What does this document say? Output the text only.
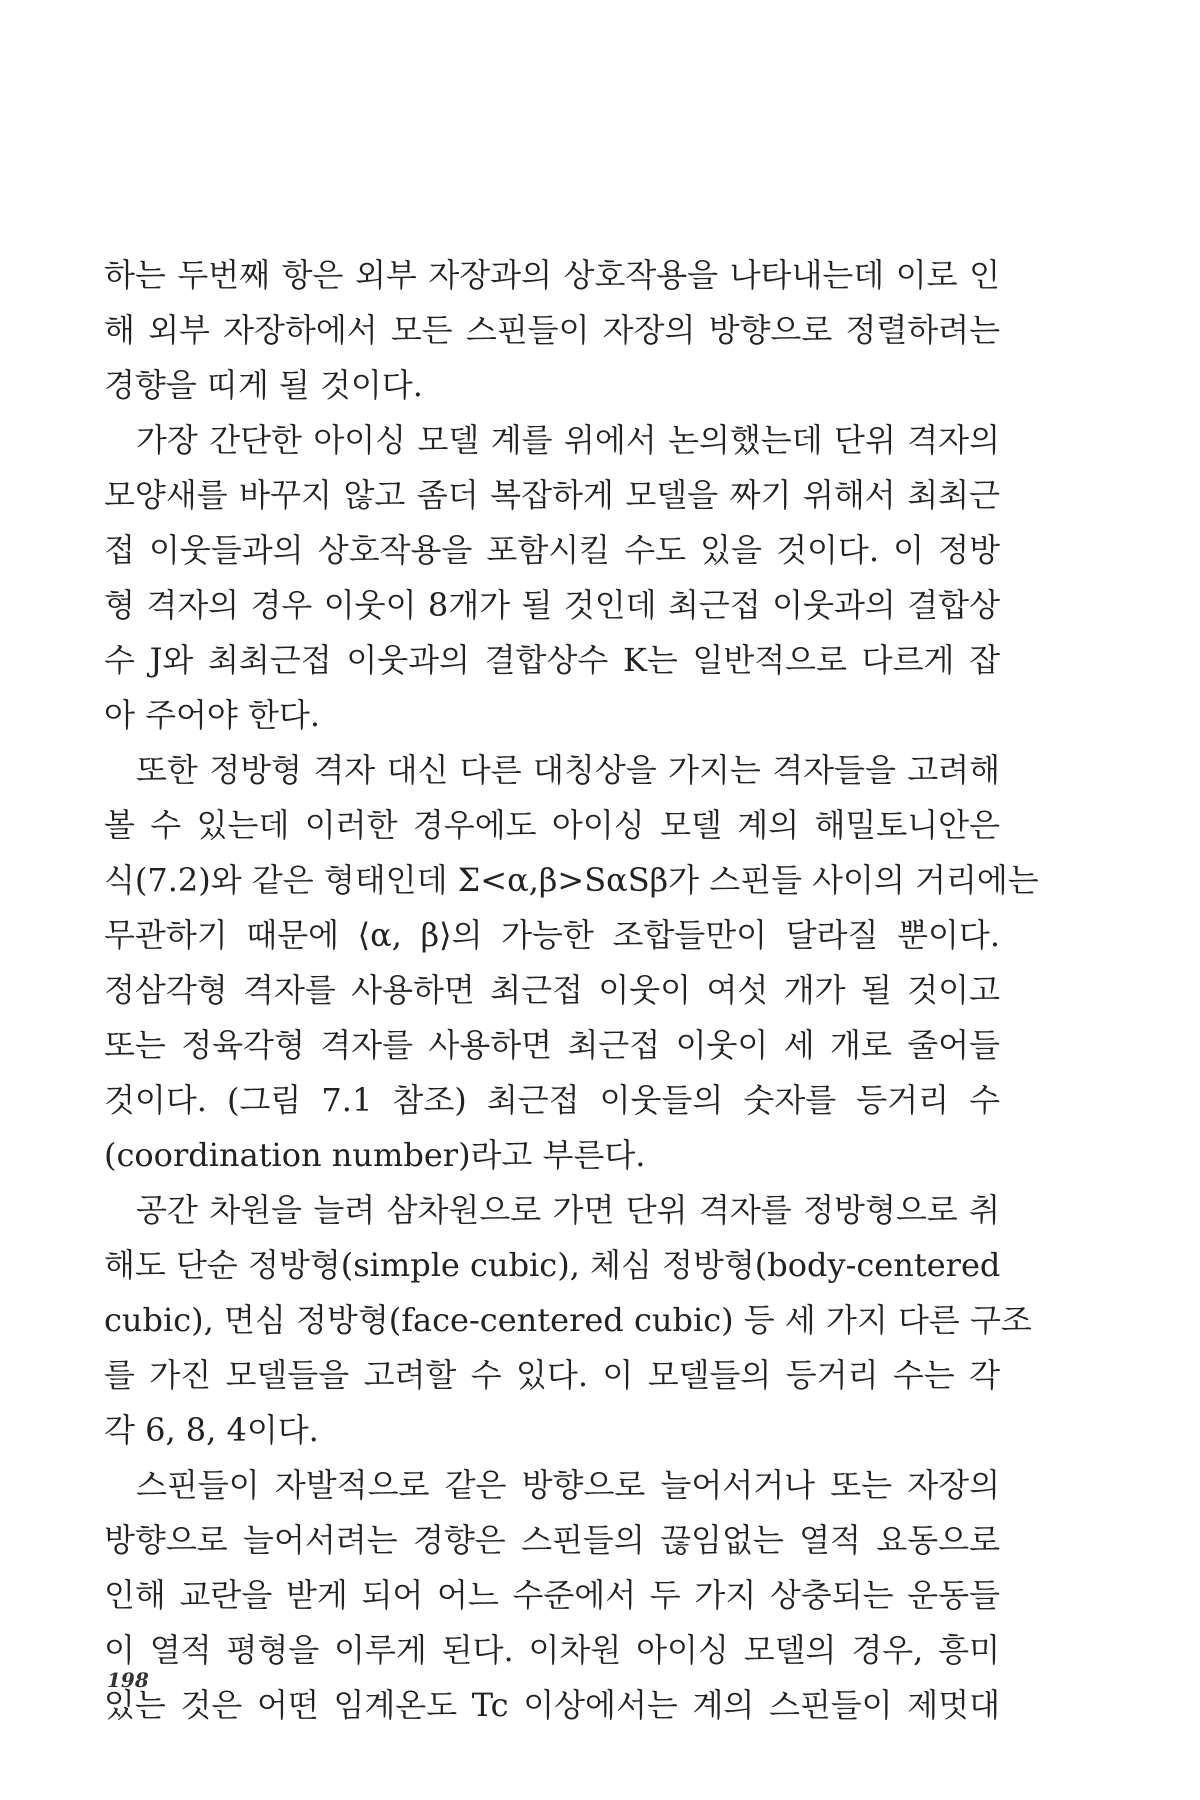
하는 두번째 항은 외부 자장과의 상호작용을 나타내는데 이로 인
해 외부 자장하에서 모든 스핀들이 자장의 방향으로 정렬하려는
경향을 띠게 될 것이다.
가장 간단한 아이싱 모델 계를 위에서 논의했는데 단위 격자의
모양새를 바꾸지 않고 좀더 복잡하게 모델을 짜기 위해서 최최근
접 이웃들과의 상호작용을 포함시킬 수도 있을 것이다. 이 정방
형 격자의 경우 이웃이 8개가 될 것인데 최근접 이웃과의 결합상
수 J와 최최근접 이웃과의 결합상수 K는 일반적으로 다르게 잡
아 주어야 한다.
또한 정방형 격자 대신 다른 대칭상을 가지는 격자들을 고려해
볼 수 있는데 이러한 경우에도 아이싱 모델 계의 해밀토니안은
식(7.2)와 같은 형태인데 Σ<α,β>SαSβ가 스핀들 사이의 거리에는
무관하기 때문에 ⟨α, β⟩의 가능한 조합들만이 달라질 뿐이다.
정삼각형 격자를 사용하면 최근접 이웃이 여섯 개가 될 것이고
또는 정육각형 격자를 사용하면 최근접 이웃이 세 개로 줄어들
것이다. (그림 7.1 참조) 최근접 이웃들의 숫자를 등거리 수
(coordination number)라고 부른다.
공간 차원을 늘려 삼차원으로 가면 단위 격자를 정방형으로 취
해도 단순 정방형(simple cubic), 체심 정방형(body-centered
cubic), 면심 정방형(face-centered cubic) 등 세 가지 다른 구조
를 가진 모델들을 고려할 수 있다. 이 모델들의 등거리 수는 각
각 6, 8, 4이다.
스핀들이 자발적으로 같은 방향으로 늘어서거나 또는 자장의
방향으로 늘어서려는 경향은 스핀들의 끊임없는 열적 요동으로
인해 교란을 받게 되어 어느 수준에서 두 가지 상충되는 운동들
이 열적 평형을 이루게 된다. 이차원 아이싱 모델의 경우, 흥미
있는 것은 어떤 임계온도 Tc 이상에서는 계의 스핀들이 제멋대
198
